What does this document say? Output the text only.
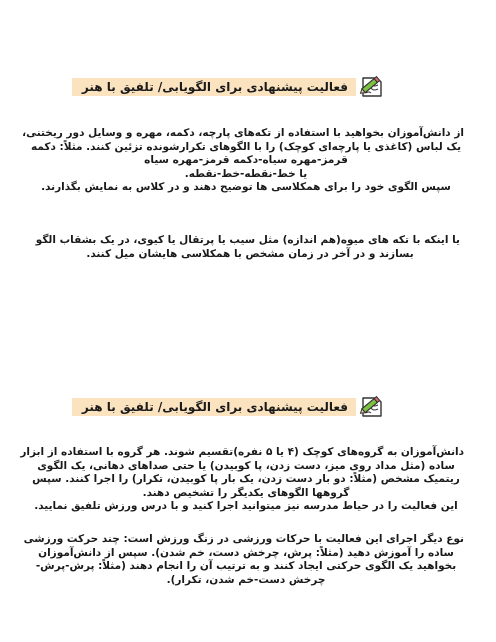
فعالیت پیشنهادی برای الگویابی/ تلفیق با هنر
از دانش‌آموزان بخواهید با استفاده از تکه‌های پارچه، دکمه، مهره و وسایل دور ریختنی،
یک لباس (کاغذی یا پارچه‌ای کوچک) را با الگوهای تکرارشونده تزئین کنند. مثلاً: دکمه
قرمز-مهره سیاه-دکمه قرمز-مهره سیاه
یا خط-نقطه-خط-نقطه.
سپس الگوی خود را برای همکلاسی ها توضیح دهند و در کلاس به نمایش بگذارند.
یا اینکه با تکه های میوه(هم اندازه) مثل سیب یا پرتقال یا کیوی، در یک بشقاب الگو
بسازند و در آخر در زمان مشخص با همکلاسی هایشان میل کنند.
فعالیت پیشنهادی برای الگویابی/ تلفیق با هنر
دانش‌آموزان به گروه‌های کوچک (۴ یا ۵ نفره)تقسیم شوند. هر گروه با استفاده از ابزار
ساده (مثل مداد روی میز، دست زدن، پا کوبیدن) یا حتی صداهای دهانی، یک الگوی
ریتمیک مشخص (مثلاً: دو بار دست زدن، یک بار پا کوبیدن، تکرار) را اجرا کنند. سپس
گروهها الگوهای یکدیگر را تشخیص دهند.
این فعالیت را در حیاط مدرسه نیز میتوانید اجرا کنید و با درس ورزش تلفیق نمایید.
نوع دیگر اجرای این فعالیت با حرکات ورزشی در زنگ ورزش است: چند حرکت ورزشی
ساده را آموزش دهید (مثلاً: پرش، چرخش دست، خم شدن). سپس از دانش‌آموزان
بخواهید یک الگوی حرکتی ایجاد کنند و به ترتیب آن را انجام دهند (مثلاً: پرش-پرش-
چرخش دست-خم شدن، تکرار).
